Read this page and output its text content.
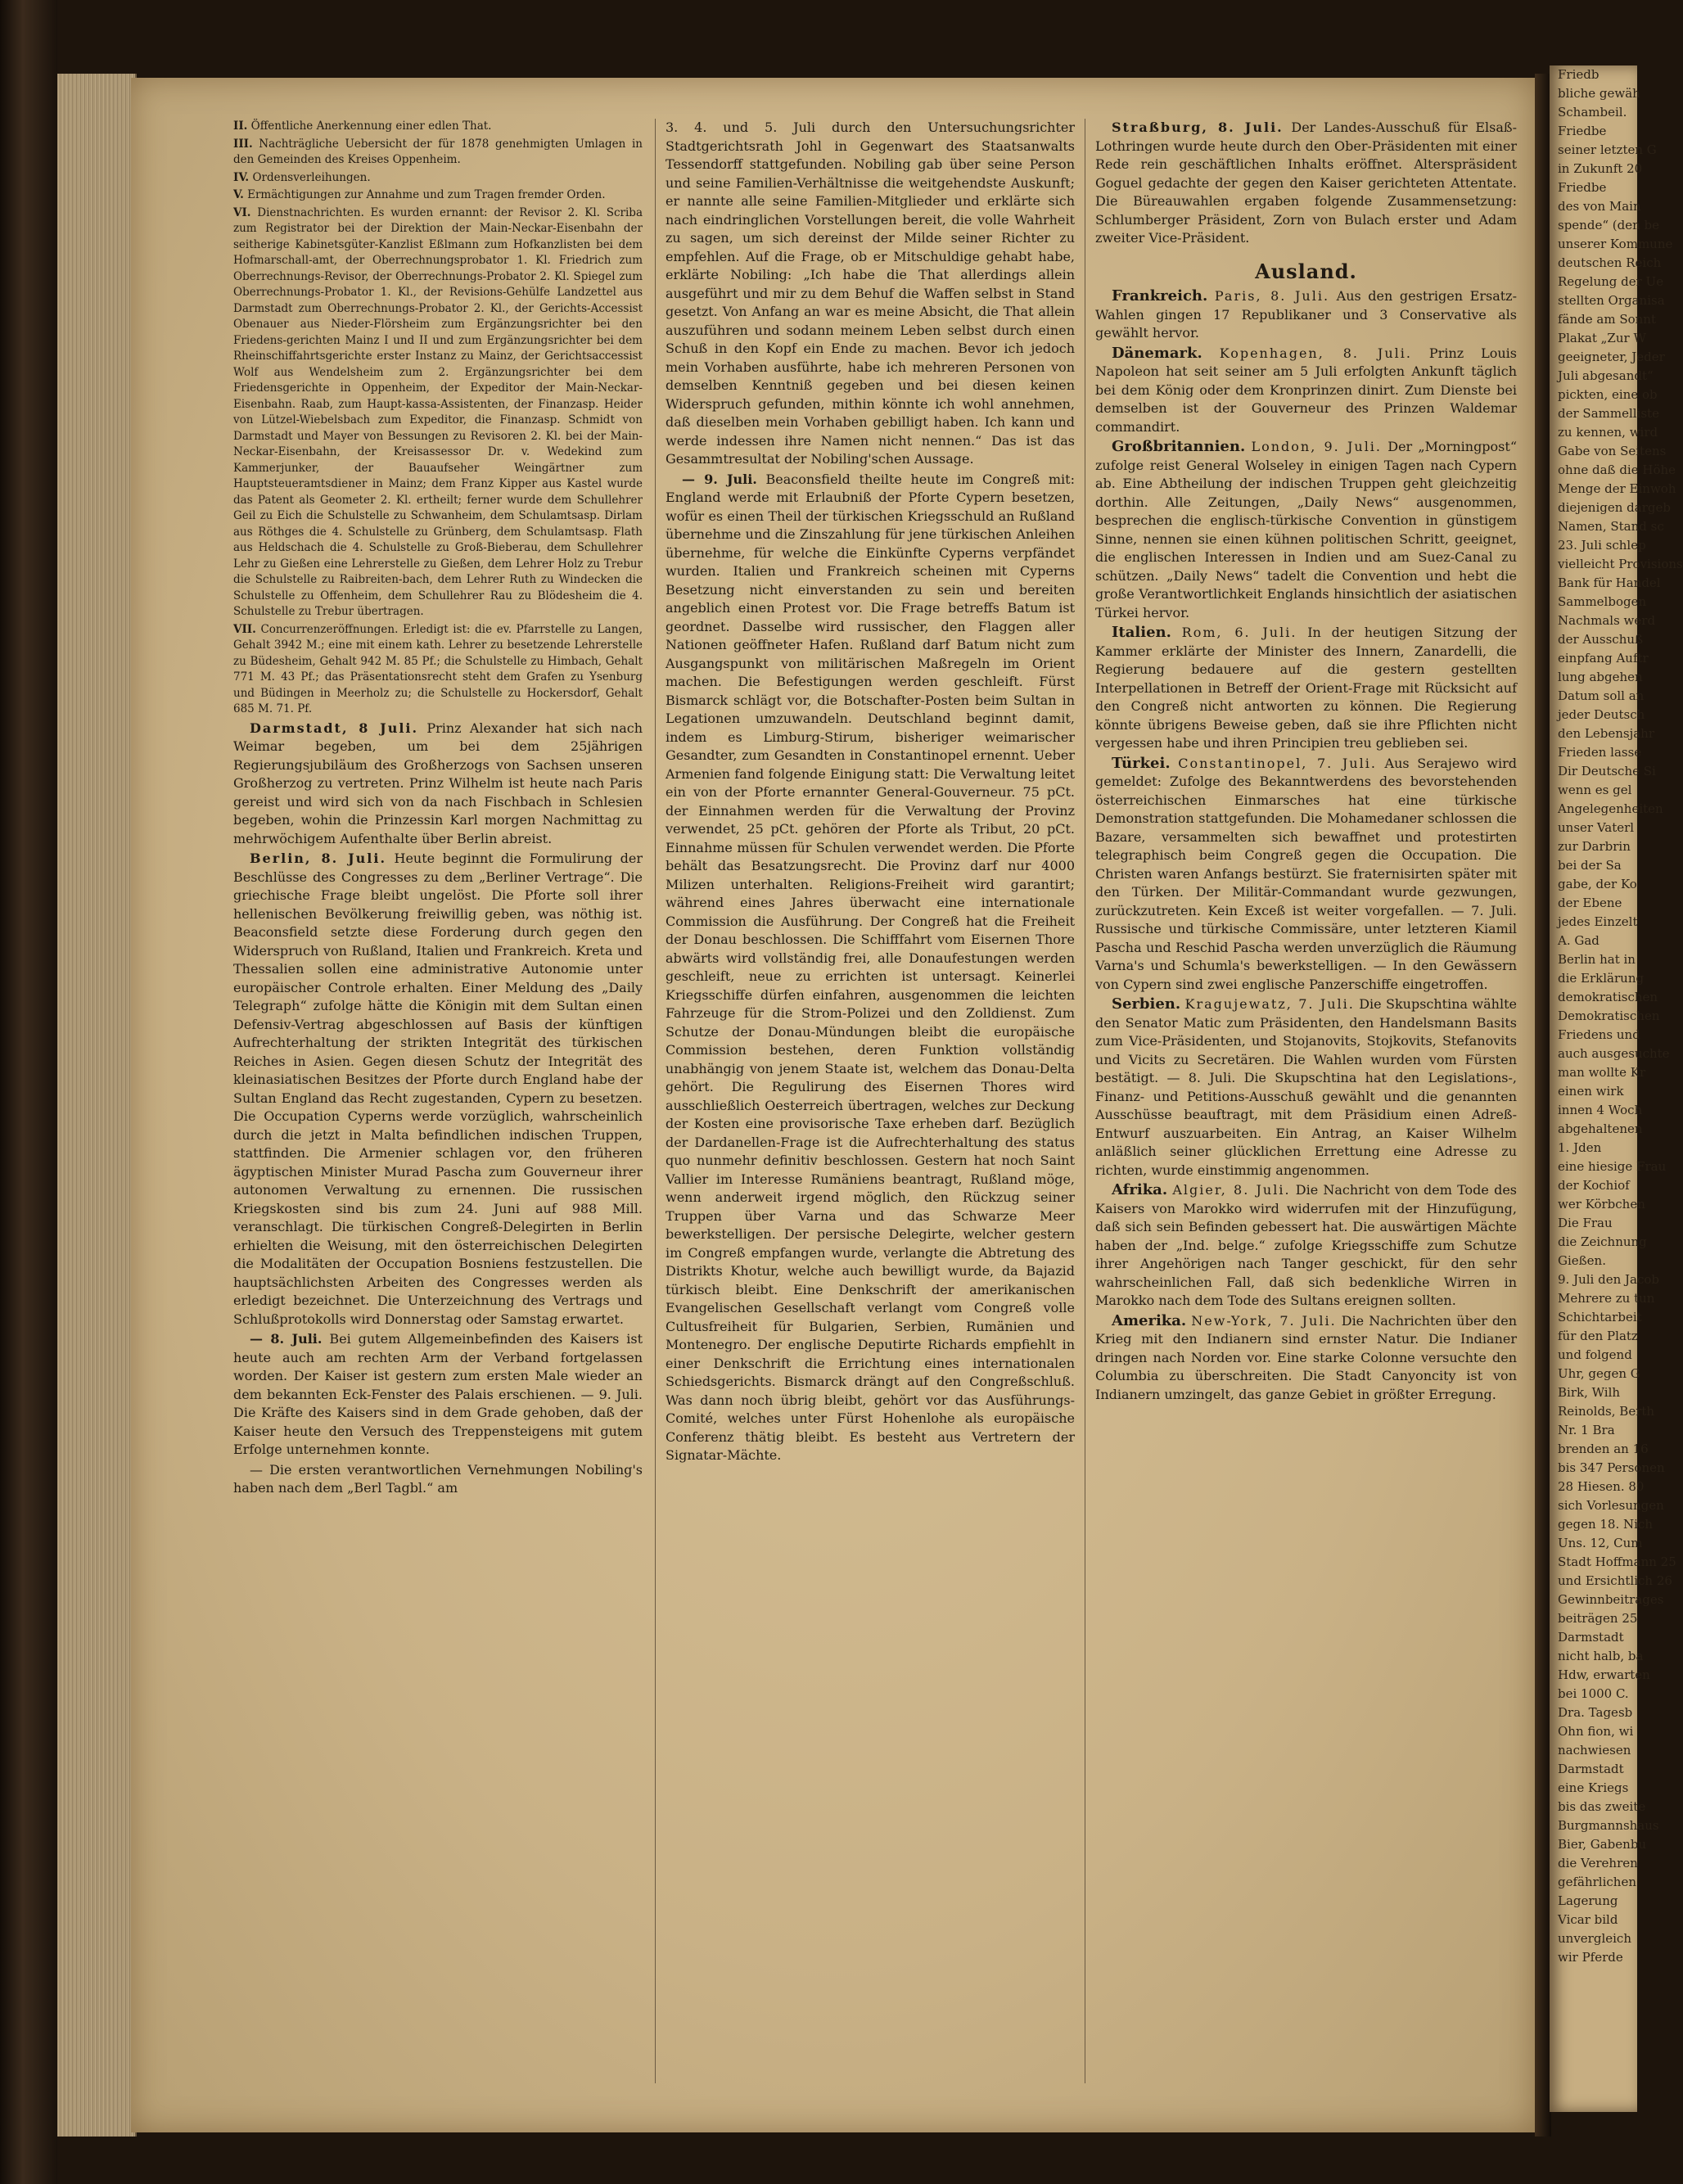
II. Öffentliche Anerkennung einer edlen That.

III. Nachträgliche Uebersicht der für 1878 genehmigten Umlagen in den Gemeinden des Kreises Oppenheim.

IV. Ordensverleihungen.

V. Ermächtigungen zur Annahme und zum Tragen fremder Orden.

VI. Dienstnachrichten. Es wurden ernannt: der Revisor 2. Kl. Scriba zum Registrator bei der Direktion der Main-Neckar-Eisenbahn der seitherige Kabinetsgüter-Kanzlist Eßlmann zum Hofkanzlisten bei dem Hofmarschall-amt, der Oberrechnungsprobator 1. Kl. Friedrich zum Oberrechnungs-Revisor, der Oberrechnungs-Probator 2. Kl. Spiegel zum Oberrechnungs-Probator 1. Kl., der Revisions-Gehülfe Landzettel aus Darmstadt zum Oberrechnungs-Probator 2. Kl., der Gerichts-Accessist Obenauer aus Nieder-Flörsheim zum Ergänzungsrichter bei den Friedens-gerichten Mainz I und II und zum Ergänzungsrichter bei dem Rheinschiffahrtsgerichte erster Instanz zu Mainz, der Gerichtsaccessist Wolf aus Wendelsheim zum 2. Ergänzungsrichter bei dem Friedensgerichte in Oppenheim, der Expeditor der Main-Neckar-Eisenbahn. Raab, zum Haupt-kassa-Assistenten, der Finanzasp. Heider von Lützel-Wiebelsbach zum Expeditor, die Finanzasp. Schmidt von Darmstadt und Mayer von Bessungen zu Revisoren 2. Kl. bei der Main-Neckar-Eisenbahn, der Kreisassessor Dr. v. Wedekind zum Kammerjunker, der Bauaufseher Weingärtner zum Hauptsteueramtsdiener in Mainz; dem Franz Kipper aus Kastel wurde das Patent als Geometer 2. Kl. ertheilt; ferner wurde dem Schullehrer Geil zu Eich die Schulstelle zu Schwanheim, dem Schulamtsasp. Dirlam aus Röthges die 4. Schulstelle zu Grünberg, dem Schulamtsasp. Flath aus Heldschach die 4. Schulstelle zu Groß-Bieberau, dem Schullehrer Lehr zu Gießen eine Lehrerstelle zu Gießen, dem Lehrer Holz zu Trebur die Schulstelle zu Raibreiten-bach, dem Lehrer Ruth zu Windecken die Schulstelle zu Offenheim, dem Schullehrer Rau zu Blödesheim die 4. Schulstelle zu Trebur übertragen.

VII. Concurrenzeröffnungen. Erledigt ist: die ev. Pfarrstelle zu Langen, Gehalt 3942 M.; eine mit einem kath. Lehrer zu besetzende Lehrerstelle zu Büdesheim, Gehalt 942 M. 85 Pf.; die Schulstelle zu Himbach, Gehalt 771 M. 43 Pf.; das Präsentationsrecht steht dem Grafen zu Ysenburg und Büdingen in Meerholz zu; die Schulstelle zu Hockersdorf, Gehalt 685 M. 71. Pf.

Darmstadt, 8 Juli. Prinz Alexander hat sich nach Weimar begeben, um bei dem 25jährigen Regierungsjubiläum des Großherzogs von Sachsen unseren Großherzog zu vertreten. Prinz Wilhelm ist heute nach Paris gereist und wird sich von da nach Fischbach in Schlesien begeben, wohin die Prinzessin Karl morgen Nachmittag zu mehrwöchigem Aufenthalte über Berlin abreist.

Berlin, 8. Juli. Heute beginnt die Formulirung der Beschlüsse des Congresses zu dem „Berliner Vertrage“. Die griechische Frage bleibt ungelöst. Die Pforte soll ihrer hellenischen Bevölkerung freiwillig geben, was nöthig ist. Beaconsfield setzte diese Forderung durch gegen den Widerspruch von Rußland, Italien und Frankreich. Kreta und Thessalien sollen eine administrative Autonomie unter europäischer Controle erhalten. Einer Meldung des „Daily Telegraph“ zufolge hätte die Königin mit dem Sultan einen Defensiv-Vertrag abgeschlossen auf Basis der künftigen Aufrechterhaltung der strikten Integrität des türkischen Reiches in Asien. Gegen diesen Schutz der Integrität des kleinasiatischen Besitzes der Pforte durch England habe der Sultan England das Recht zugestanden, Cypern zu besetzen. Die Occupation Cyperns werde vorzüglich, wahrscheinlich durch die jetzt in Malta befindlichen indischen Truppen, stattfinden. Die Armenier schlagen vor, den früheren ägyptischen Minister Murad Pascha zum Gouverneur ihrer autonomen Verwaltung zu ernennen. Die russischen Kriegskosten sind bis zum 24. Juni auf 988 Mill. veranschlagt. Die türkischen Congreß-Delegirten in Berlin erhielten die Weisung, mit den österreichischen Delegirten die Modalitäten der Occupation Bosniens festzustellen. Die hauptsächlichsten Arbeiten des Congresses werden als erledigt bezeichnet. Die Unterzeichnung des Vertrags und Schlußprotokolls wird Donnerstag oder Samstag erwartet.

— 8. Juli. Bei gutem Allgemeinbefinden des Kaisers ist heute auch am rechten Arm der Verband fortgelassen worden. Der Kaiser ist gestern zum ersten Male wieder an dem bekannten Eck-Fenster des Palais erschienen. — 9. Juli. Die Kräfte des Kaisers sind in dem Grade gehoben, daß der Kaiser heute den Versuch des Treppensteigens mit gutem Erfolge unternehmen konnte.

— Die ersten verantwortlichen Vernehmungen Nobiling's haben nach dem „Berl Tagbl.“ am

3. 4. und 5. Juli durch den Untersuchungsrichter Stadtgerichtsrath Johl in Gegenwart des Staatsanwalts Tessendorff stattgefunden. Nobiling gab über seine Person und seine Familien-Verhältnisse die weitgehendste Auskunft; er nannte alle seine Familien-Mitglieder und erklärte sich nach eindringlichen Vorstellungen bereit, die volle Wahrheit zu sagen, um sich dereinst der Milde seiner Richter zu empfehlen. Auf die Frage, ob er Mitschuldige gehabt habe, erklärte Nobiling: „Ich habe die That allerdings allein ausgeführt und mir zu dem Behuf die Waffen selbst in Stand gesetzt. Von Anfang an war es meine Absicht, die That allein auszuführen und sodann meinem Leben selbst durch einen Schuß in den Kopf ein Ende zu machen. Bevor ich jedoch mein Vorhaben ausführte, habe ich mehreren Personen von demselben Kenntniß gegeben und bei diesen keinen Widerspruch gefunden, mithin könnte ich wohl annehmen, daß dieselben mein Vorhaben gebilligt haben. Ich kann und werde indessen ihre Namen nicht nennen.“ Das ist das Gesammtresultat der Nobiling'schen Aussage.

— 9. Juli. Beaconsfield theilte heute im Congreß mit: England werde mit Erlaubniß der Pforte Cypern besetzen, wofür es einen Theil der türkischen Kriegsschuld an Rußland übernehme und die Zinszahlung für jene türkischen Anleihen übernehme, für welche die Einkünfte Cyperns verpfändet wurden. Italien und Frankreich scheinen mit Cyperns Besetzung nicht einverstanden zu sein und bereiten angeblich einen Protest vor. Die Frage betreffs Batum ist geordnet. Dasselbe wird russischer, den Flaggen aller Nationen geöffneter Hafen. Rußland darf Batum nicht zum Ausgangspunkt von militärischen Maßregeln im Orient machen. Die Befestigungen werden geschleift. Fürst Bismarck schlägt vor, die Botschafter-Posten beim Sultan in Legationen umzuwandeln. Deutschland beginnt damit, indem es Limburg-Stirum, bisheriger weimarischer Gesandter, zum Gesandten in Constantinopel ernennt. Ueber Armenien fand folgende Einigung statt: Die Verwaltung leitet ein von der Pforte ernannter General-Gouverneur. 75 pCt. der Einnahmen werden für die Verwaltung der Provinz verwendet, 25 pCt. gehören der Pforte als Tribut, 20 pCt. Einnahme müssen für Schulen verwendet werden. Die Pforte behält das Besatzungsrecht. Die Provinz darf nur 4000 Milizen unterhalten. Religions-Freiheit wird garantirt; während eines Jahres überwacht eine internationale Commission die Ausführung. Der Congreß hat die Freiheit der Donau beschlossen. Die Schifffahrt vom Eisernen Thore abwärts wird vollständig frei, alle Donaufestungen werden geschleift, neue zu errichten ist untersagt. Keinerlei Kriegsschiffe dürfen einfahren, ausgenommen die leichten Fahrzeuge für die Strom-Polizei und den Zolldienst. Zum Schutze der Donau-Mündungen bleibt die europäische Commission bestehen, deren Funktion vollständig unabhängig von jenem Staate ist, welchem das Donau-Delta gehört. Die Regulirung des Eisernen Thores wird ausschließlich Oesterreich übertragen, welches zur Deckung der Kosten eine provisorische Taxe erheben darf. Bezüglich der Dardanellen-Frage ist die Aufrechterhaltung des status quo nunmehr definitiv beschlossen. Gestern hat noch Saint Vallier im Interesse Rumäniens beantragt, Rußland möge, wenn anderweit irgend möglich, den Rückzug seiner Truppen über Varna und das Schwarze Meer bewerkstelligen. Der persische Delegirte, welcher gestern im Congreß empfangen wurde, verlangte die Abtretung des Distrikts Khotur, welche auch bewilligt wurde, da Bajazid türkisch bleibt. Eine Denkschrift der amerikanischen Evangelischen Gesellschaft verlangt vom Congreß volle Cultusfreiheit für Bulgarien, Serbien, Rumänien und Montenegro. Der englische Deputirte Richards empfiehlt in einer Denkschrift die Errichtung eines internationalen Schiedsgerichts. Bismarck drängt auf den Congreßschluß. Was dann noch übrig bleibt, gehört vor das Ausführungs-Comité, welches unter Fürst Hohenlohe als europäische Conferenz thätig bleibt. Es besteht aus Vertretern der Signatar-Mächte.

Straßburg, 8. Juli. Der Landes-Ausschuß für Elsaß-Lothringen wurde heute durch den Ober-Präsidenten mit einer Rede rein geschäftlichen Inhalts eröffnet. Alterspräsident Goguel gedachte der gegen den Kaiser gerichteten Attentate. Die Büreauwahlen ergaben folgende Zusammensetzung: Schlumberger Präsident, Zorn von Bulach erster und Adam zweiter Vice-Präsident.

Ausland.

Frankreich. Paris, 8. Juli. Aus den gestrigen Ersatz-Wahlen gingen 17 Republikaner und 3 Conservative als gewählt hervor.

Dänemark. Kopenhagen, 8. Juli. Prinz Louis Napoleon hat seit seiner am 5 Juli erfolgten Ankunft täglich bei dem König oder dem Kronprinzen dinirt. Zum Dienste bei demselben ist der Gouverneur des Prinzen Waldemar commandirt.

Großbritannien. London, 9. Juli. Der „Morningpost“ zufolge reist General Wolseley in einigen Tagen nach Cypern ab. Eine Abtheilung der indischen Truppen geht gleichzeitig dorthin. Alle Zeitungen, „Daily News“ ausgenommen, besprechen die englisch-türkische Convention in günstigem Sinne, nennen sie einen kühnen politischen Schritt, geeignet, die englischen Interessen in Indien und am Suez-Canal zu schützen. „Daily News“ tadelt die Convention und hebt die große Verantwortlichkeit Englands hinsichtlich der asiatischen Türkei hervor.

Italien. Rom, 6. Juli. In der heutigen Sitzung der Kammer erklärte der Minister des Innern, Zanardelli, die Regierung bedauere auf die gestern gestellten Interpellationen in Betreff der Orient-Frage mit Rücksicht auf den Congreß nicht antworten zu können. Die Regierung könnte übrigens Beweise geben, daß sie ihre Pflichten nicht vergessen habe und ihren Principien treu geblieben sei.

Türkei. Constantinopel, 7. Juli. Aus Serajewo wird gemeldet: Zufolge des Bekanntwerdens des bevorstehenden österreichischen Einmarsches hat eine türkische Demonstration stattgefunden. Die Mohamedaner schlossen die Bazare, versammelten sich bewaffnet und protestirten telegraphisch beim Congreß gegen die Occupation. Die Christen waren Anfangs bestürzt. Sie fraternisirten später mit den Türken. Der Militär-Commandant wurde gezwungen, zurückzutreten. Kein Exceß ist weiter vorgefallen. — 7. Juli. Russische und türkische Commissäre, unter letzteren Kiamil Pascha und Reschid Pascha werden unverzüglich die Räumung Varna's und Schumla's bewerkstelligen. — In den Gewässern von Cypern sind zwei englische Panzerschiffe eingetroffen.

Serbien. Kragujewatz, 7. Juli. Die Skupschtina wählte den Senator Matic zum Präsidenten, den Handelsmann Basits zum Vice-Präsidenten, und Stojanovits, Stojkovits, Stefanovits und Vicits zu Secretären. Die Wahlen wurden vom Fürsten bestätigt. — 8. Juli. Die Skupschtina hat den Legislations-, Finanz- und Petitions-Ausschuß gewählt und die genannten Ausschüsse beauftragt, mit dem Präsidium einen Adreß-Entwurf auszuarbeiten. Ein Antrag, an Kaiser Wilhelm anläßlich seiner glücklichen Errettung eine Adresse zu richten, wurde einstimmig angenommen.

Afrika. Algier, 8. Juli. Die Nachricht von dem Tode des Kaisers von Marokko wird widerrufen mit der Hinzufügung, daß sich sein Befinden gebessert hat. Die auswärtigen Mächte haben der „Ind. belge.“ zufolge Kriegsschiffe zum Schutze ihrer Angehörigen nach Tanger geschickt, für den sehr wahrscheinlichen Fall, daß sich bedenkliche Wirren in Marokko nach dem Tode des Sultans ereignen sollten.

Amerika. New-York, 7. Juli. Die Nachrichten über den Krieg mit den Indianern sind ernster Natur. Die Indianer dringen nach Norden vor. Eine starke Colonne versuchte den Columbia zu überschreiten. Die Stadt Canyoncity ist von Indianern umzingelt, das ganze Gebiet in größter Erregung.

Friedb
bliche gewäh
Schambeil.
Friedbe
seiner letzten G
in Zukunft 20
Friedbe
des von Main
spende“ (den be
unserer Kommune
deutschen Reich
Regelung der Ue
stellten Organisa
fände am Sonnt
Plakat „Zur W
geeigneter, Jeder
Juli abgesandt“
pickten, eine ob
der Sammelliste
zu kennen, wird
Gabe von Seitens
ohne daß die Höhe
Menge der Einwoh
diejenigen dargeb
Namen, Stand sc
23. Juli schlep
vielleicht Provisions
Bank für Handel
Sammelbogen
Nachmals werd
der Ausschuß
einpfang Auftr
lung abgehen
Datum soll an
jeder Deutsch
den Lebensjahr
Frieden lasse
Dir Deutsche Si
wenn es gel
Angelegenheiten
unser Vaterl
zur Darbrin
bei der Sa
gabe, der Ko
der Ebene
jedes Einzelt
A. Gad
Berlin hat in
die Erklärung
demokratischen
Demokratischen
Friedens und
auch ausgesuchte
man wollte Kr
einen wirk
innen 4 Woch
abgehaltenen
1. Jden
eine hiesige Frau
der Kochiof
wer Körbchen
Die Frau
die Zeichnung
Gießen.
9. Juli den Jacob
Mehrere zu tun
Schichtarbeit
für den Platz
und folgend
Uhr, gegen G
Birk, Wilh
Reinolds, Berth
Nr. 1 Bra
brenden an 16
bis 347 Personen
28 Hiesen. 80
sich Vorlesungen
gegen 18. Nich
Uns. 12, Cum
Stadt Hoffmann 25
und Ersichtlich 26
Gewinnbeitrages
beiträgen 25
Darmstadt
nicht halb, ba
Hdw, erwarten
bei 1000 C.
Dra. Tagesb
Ohn fion, wi
nachwiesen
Darmstadt
eine Kriegs
bis das zweite
Burgmannshaus
Bier, Gabenbu
die Verehren
gefährlichen
Lagerung
Vicar bild
unvergleich
wir Pferde
